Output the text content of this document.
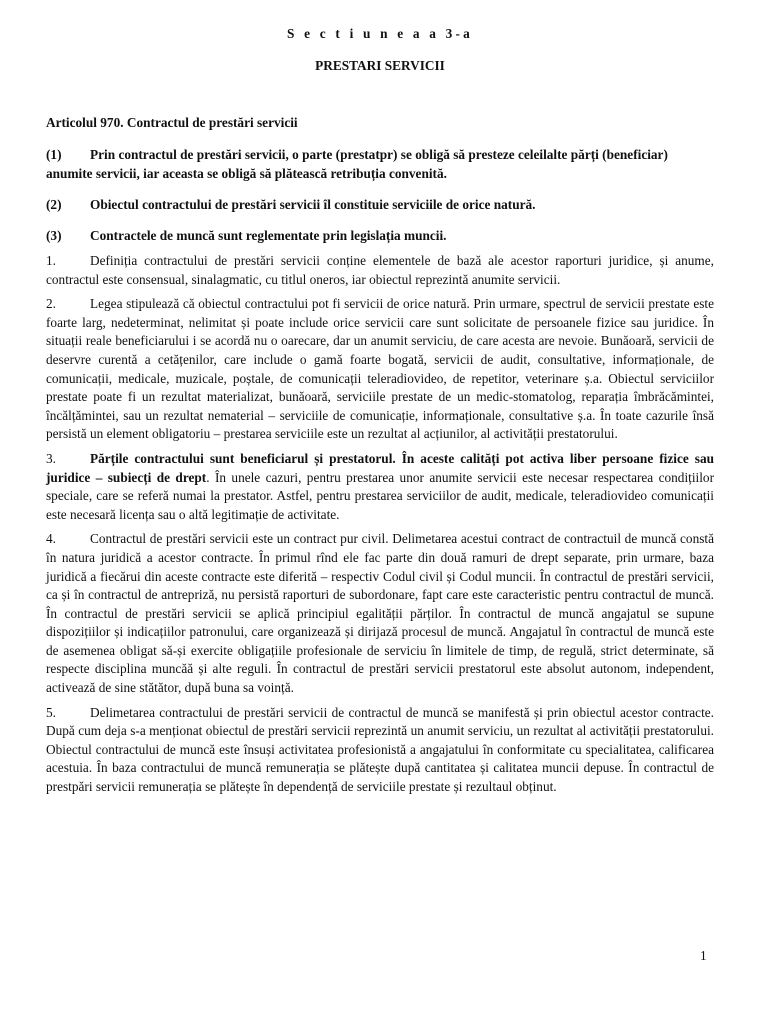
S e c t i u n e a a 3-a

PRESTARI SERVICII

Articolul 970. Contractul de prestări servicii

(1) Prin contractul de prestări servicii, o parte (prestatpr) se obligă să presteze celeilalte părți (beneficiar) anumite servicii, iar aceasta se obligă să plătească retribuția convenită.

(2) Obiectul contractului de prestări servicii îl constituie serviciile de orice natură.

(3) Contractele de muncă sunt reglementate prin legislația muncii.

1.	Definiția contractului de prestări servicii conține elementele de bază ale acestor raporturi juridice, și anume, contractul este consensual, sinalagmatic, cu titlul oneros, iar obiectul reprezintă anumite servicii.

2.	Legea stipulează că obiectul contractului pot fi servicii de orice natură. Prin urmare, spectrul de servicii prestate este foarte larg, nedeterminat, nelimitat și poate include orice servicii care sunt solicitate de persoanele fizice sau juridice. În situații reale beneficiarului i se acordă nu o oarecare, dar un anumit serviciu, de care acesta are nevoie. Bunăoară, servicii de deservre curentă a cetățenilor, care include o gamă foarte bogată, servicii de audit, consultative, informaționale, de comunicații, medicale, muzicale, poștale, de comunicații teleradiovideo, de repetitor, veterinare ș.a. Obiectul serviciilor prestate poate fi un rezultat materializat, bunăoară, serviciile prestate de un medic-stomatolog, reparația îmbrăcămintei, încălțămintei, sau un rezultat nematerial – serviciile de comunicație, informaționale, consultative ș.a. În toate cazurile însă persistă un element obligatoriu – prestarea serviciile este un rezultat al acțiunilor, al activității prestatorului.

3.	Părțile contractului sunt beneficiarul și prestatorul. În aceste calități pot activa liber persoane fizice sau juridice – subiecți de drept. În unele cazuri, pentru prestarea unor anumite servicii este necesar respectarea condițiilor speciale, care se referă numai la prestator. Astfel, pentru prestarea serviciilor de audit, medicale, teleradiovideo comunicații este necesară licența sau o altă legitimație de activitate.

4.	Contractul de prestări servicii este un contract pur civil. Delimetarea acestui contract de contractuil de muncă constă în natura juridică a acestor contracte. În primul rînd ele fac parte din două ramuri de drept separate, prin urmare, baza juridică a fiecărui din aceste contracte este diferită – respectiv Codul civil și Codul muncii. În contractul de prestări servicii, ca și în contractul de antrepriză, nu persistă raporturi de subordonare, fapt care este caracteristic pentru contractul de muncă. În contractul de prestări servicii se aplică principiul egalității părților. În contractul de muncă angajatul se supune dispozițiilor și indicațiilor patronului, care organizează și dirijază procesul de muncă. Angajatul în contractul de muncă este de asemenea obligat să-și exercite obligațiile profesionale de serviciu în limitele de timp, de regulă, strict determinate, să respecte disciplina muncăă și alte reguli. În contractul de prestări servicii prestatorul este absolut autonom, independent, activează de sine stătător, după buna sa voință.

5.	Delimetarea contractului de prestări servicii de contractul de muncă se manifestă și prin obiectul acestor contracte. După cum deja s-a menționat obiectul de prestări servicii reprezintă un anumit serviciu, un rezultat al activității prestatorului. Obiectul contractului de muncă este însuși activitatea profesionistă a angajatului în conformitate cu specialitatea, calificarea acestuia. În baza contractului de muncă remunerația se plătește după cantitatea și calitatea muncii depuse. În contractul de prestpări servicii remunerația se plătește în dependență de serviciile prestate și rezultaul obținut.

1
